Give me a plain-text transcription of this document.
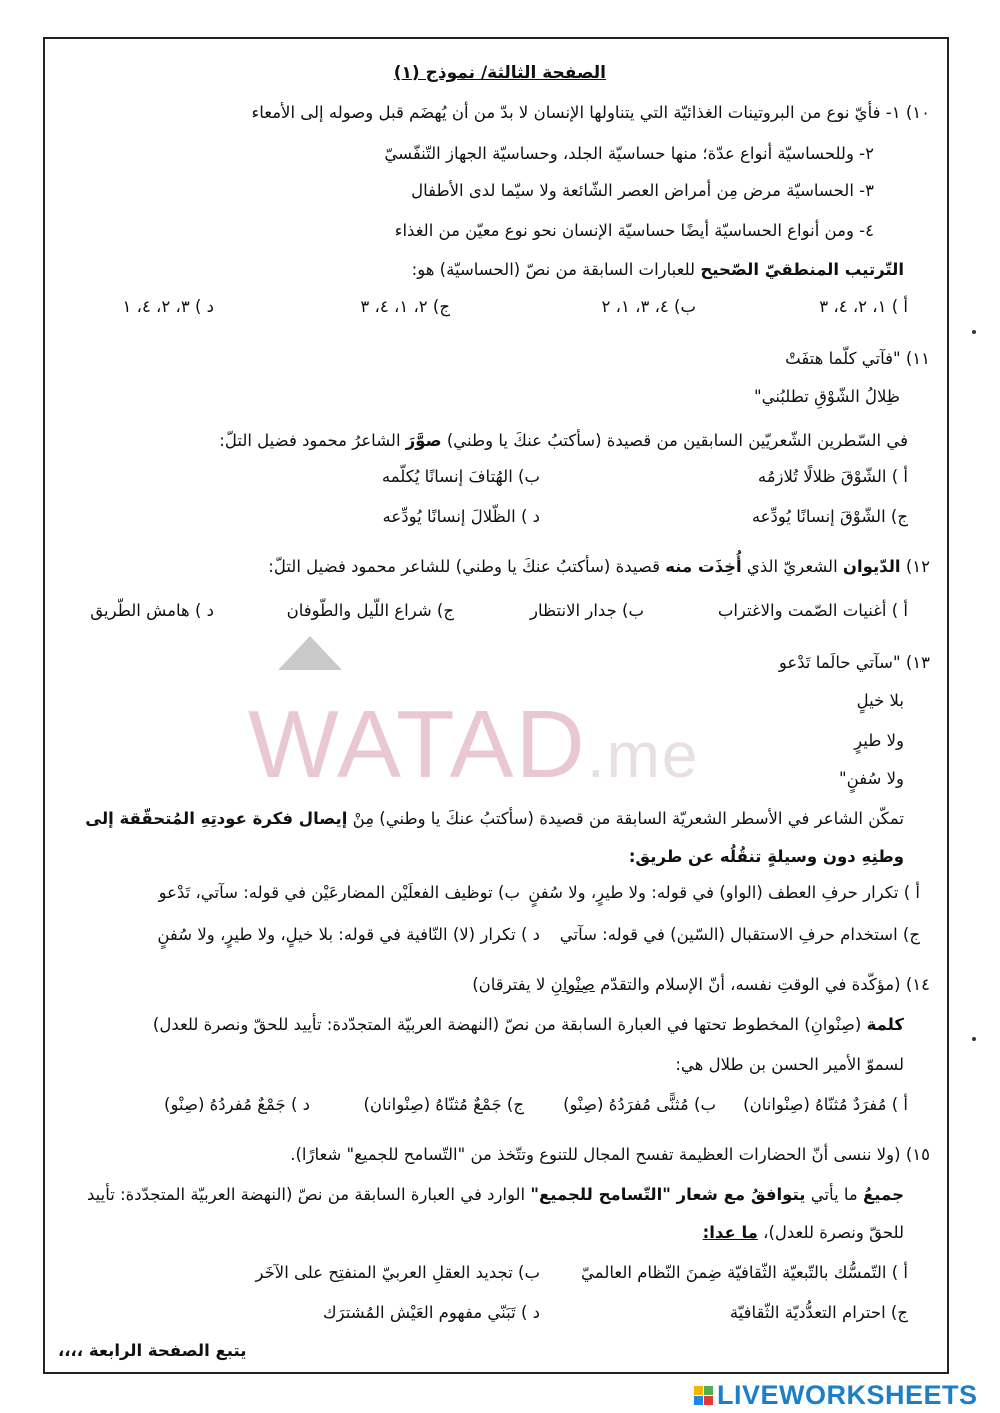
WATAD.me
الصفحة الثالثة/ نموذج (١)
١٠) ١- فأيّ نوع من البروتينات الغذائيّة التي يتناولها الإنسان لا بدّ من أن يُهضَم قبل وصوله إلى الأمعاء
٢- وللحساسيّة أنواع عدّة؛ منها حساسيّة الجلد، وحساسيّة الجهاز التّنفّسيّ
٣- الحساسيّة مرض مِن أمراض العصر الشّائعة ولا سيّما لدى الأطفال
٤- ومن أنواع الحساسيّة أيضًا حساسيّة الإنسان نحو نوع معيّن من الغذاء
التّرتيب المنطقيّ الصّحيح للعبارات السابقة من نصّ (الحساسيّة) هو:
أ ) ١، ٢، ٤، ٣
ب) ٤، ٣، ١، ٢
ج) ٢، ١، ٤، ٣
د ) ٣، ٢، ٤، ١
١١) "فآتي كلّما هتفَتْ
ظِلالُ الشّوْقِ تطلبُني"
في السّطرين الشّعريّين السابقين من قصيدة (سأكتبُ عنكَ يا وطني) صوَّرَ الشاعرُ محمود فضيل التلّ:
أ ) الشّوْقَ ظلالًا تُلازمُه
ب) الهُتافَ إنسانًا يُكلّمه
ج) الشّوْقَ إنسانًا يُودِّعه
د ) الظّلالَ إنسانًا يُودِّعه
١٢) الدّيوان الشعريّ الذي أُخِذَت منه قصيدة (سأكتبُ عنكَ يا وطني) للشاعر محمود فضيل التلّ:
أ ) أغنيات الصّمت والاغتراب
ب) جدار الانتظار
ج) شراع اللّيل والطّوفان
د ) هامش الطّريق
١٣) "سآتي حالَما تَدْعو
بلا خيلٍ
ولا طيرٍ
ولا سُفنٍ"
تمكّن الشاعر في الأسطر الشعريّة السابقة من قصيدة (سأكتبُ عنكَ يا وطني) مِنْ إيصال فكرة عودتِهِ المُتحقّقة إلى
وطنِهِ دون وسيلةٍ تنقُلُه عن طريق:
أ ) تكرار حرفِ العطف (الواو) في قوله: ولا طيرٍ، ولا سُفنٍ
ب) توظيف الفعلَيْن المضارعَيْن في قوله: سآتي، تَدْعو
ج) استخدام حرفِ الاستقبال (السّين) في قوله: سآتي
د ) تكرار (لا) النّافية في قوله: بلا خيلٍ، ولا طيرٍ، ولا سُفنٍ
١٤) (مؤكّدة في الوقتِ نفسه، أنّ الإسلام والتقدّم صِنْوانِ لا يفترقان)
كلمة (صِنْوانِ) المخطوط تحتها في العبارة السابقة من نصّ (النهضة العربيّة المتجدّدة: تأييد للحقّ ونصرة للعدل)
لسموّ الأمير الحسن بن طلال هي:
أ ) مُفرَدٌ مُثنّاهُ (صِنْوانان)
ب) مُثنًّى مُفرَدُهُ (صِنْو)
ج) جَمْعٌ مُثنّاهُ (صِنْوانان)
د ) جَمْعٌ مُفردُهُ (صِنْو)
١٥) (ولا ننسى أنّ الحضارات العظيمة تفسح المجال للتنوع وتتّخذ من "التّسامح للجميع" شعارًا).
جميعُ ما يأتي يتوافقُ مع شعار "التّسامح للجميع" الوارد في العبارة السابقة من نصّ (النهضة العربيّة المتجدّدة: تأييد
للحقّ ونصرة للعدل)، ما عدا:
أ ) التّمسُّك بالتّبعيّة الثّقافيّة ضِمنَ النّظام العالميّ
ب) تجديد العقلِ العربيّ المنفتِح على الآخَر
ج) احترام التعدُّديّة الثّقافيّة
د ) تَبَنّي مفهوم العَيْش المُشترَك
يتبع الصفحة الرابعة ،،،،
LIVEWORKSHEETS
